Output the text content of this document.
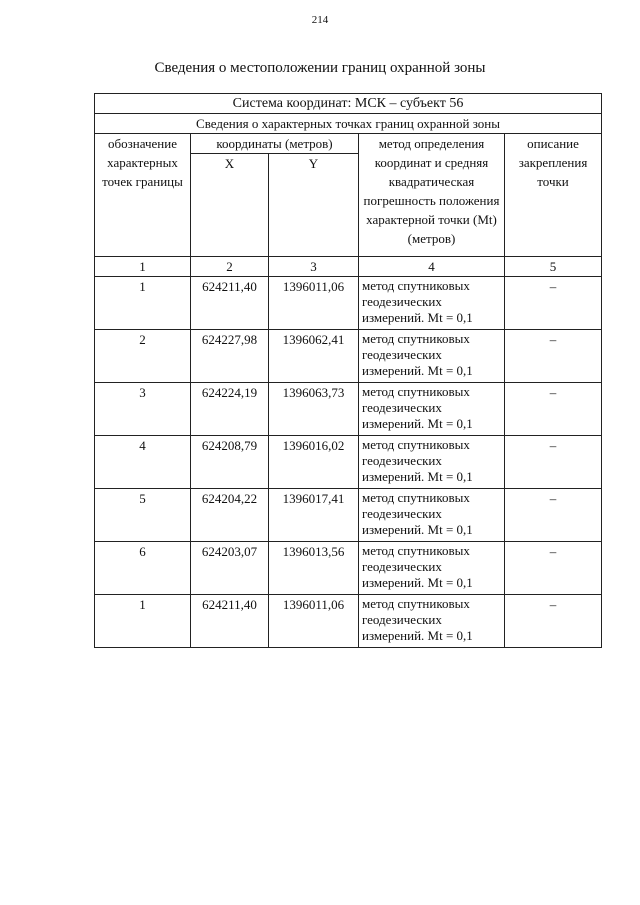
214
Сведения о местоположении границ охранной зоны
Система координат: МСК – субъект 56				
Сведения о характерных точках границ охранной зоны				
обозначение характерных точек границы	координаты (метров)		метод определения координат и средняя квадратическая погрешность положения характерной точки (Mt) (метров)	описание закрепления точки
	X	Y		
1	2	3	4	5
1	624211,40	1396011,06	метод спутниковых геодезических измерений. Mt = 0,1	–
2	624227,98	1396062,41	метод спутниковых геодезических измерений. Mt = 0,1	–
3	624224,19	1396063,73	метод спутниковых геодезических измерений. Mt = 0,1	–
4	624208,79	1396016,02	метод спутниковых геодезических измерений. Mt = 0,1	–
5	624204,22	1396017,41	метод спутниковых геодезических измерений. Mt = 0,1	–
6	624203,07	1396013,56	метод спутниковых геодезических измерений. Mt = 0,1	–
1	624211,40	1396011,06	метод спутниковых геодезических измерений. Mt = 0,1	–
